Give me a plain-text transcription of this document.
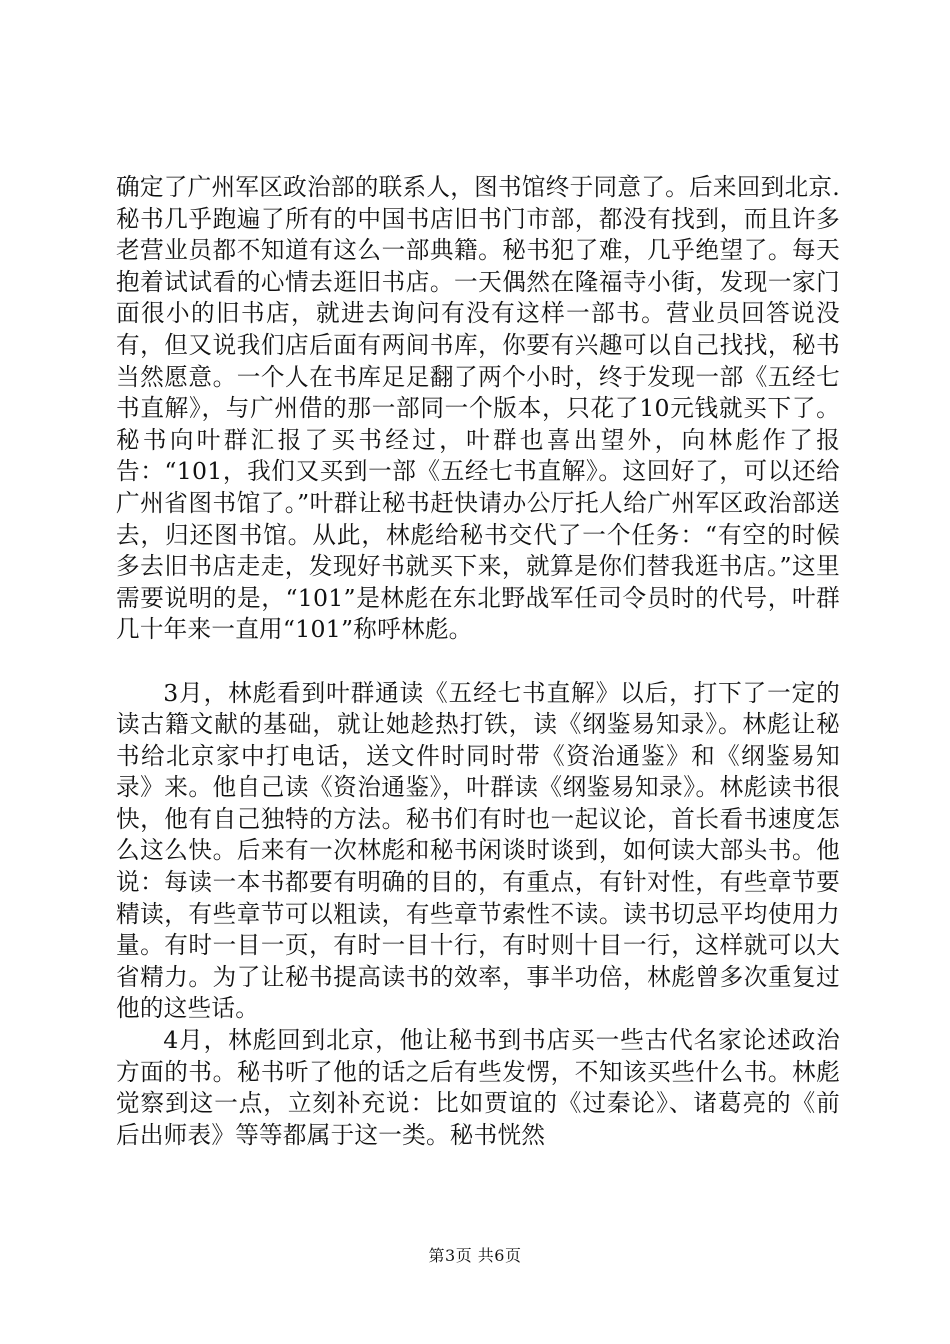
确定了广州军区政治部的联系人，图书馆终于同意了。后来回到北京.秘书几乎跑遍了所有的中国书店旧书门市部，都没有找到，而且许多老营业员都不知道有这么一部典籍。秘书犯了难，几乎绝望了。每天抱着试试看的心情去逛旧书店。一天偶然在隆福寺小街，发现一家门面很小的旧书店，就进去询问有没有这样一部书。营业员回答说没有，但又说我们店后面有两间书库，你要有兴趣可以自己找找，秘书当然愿意。一个人在书库足足翻了两个小时，终于发现一部《五经七书直解》，与广州借的那一部同一个版本，只花了10元钱就买下了。秘书向叶群汇报了买书经过，叶群也喜出望外，向林彪作了报告：“101，我们又买到一部《五经七书直解》。这回好了，可以还给广州省图书馆了。”叶群让秘书赶快请办公厅托人给广州军区政治部送去，归还图书馆。从此，林彪给秘书交代了一个任务：“有空的时候多去旧书店走走，发现好书就买下来，就算是你们替我逛书店。”这里需要说明的是，“101”是林彪在东北野战军任司令员时的代号，叶群几十年来一直用“101”称呼林彪。

3月，林彪看到叶群通读《五经七书直解》以后，打下了一定的读古籍文献的基础，就让她趁热打铁，读《纲鉴易知录》。林彪让秘书给北京家中打电话，送文件时同时带《资治通鉴》和《纲鉴易知录》来。他自己读《资治通鉴》，叶群读《纲鉴易知录》。林彪读书很快，他有自己独特的方法。秘书们有时也一起议论，首长看书速度怎么这么快。后来有一次林彪和秘书闲谈时谈到，如何读大部头书。他说：每读一本书都要有明确的目的，有重点，有针对性，有些章节要精读，有些章节可以粗读，有些章节索性不读。读书切忌平均使用力量。有时一目一页，有时一目十行，有时则十目一行，这样就可以大省精力。为了让秘书提高读书的效率，事半功倍，林彪曾多次重复过他的这些话。

4月，林彪回到北京，他让秘书到书店买一些古代名家论述政治方面的书。秘书听了他的话之后有些发愣，不知该买些什么书。林彪觉察到这一点，立刻补充说：比如贾谊的《过秦论》、诸葛亮的《前后出师表》等等都属于这一类。秘书恍然

第3页 共6页
